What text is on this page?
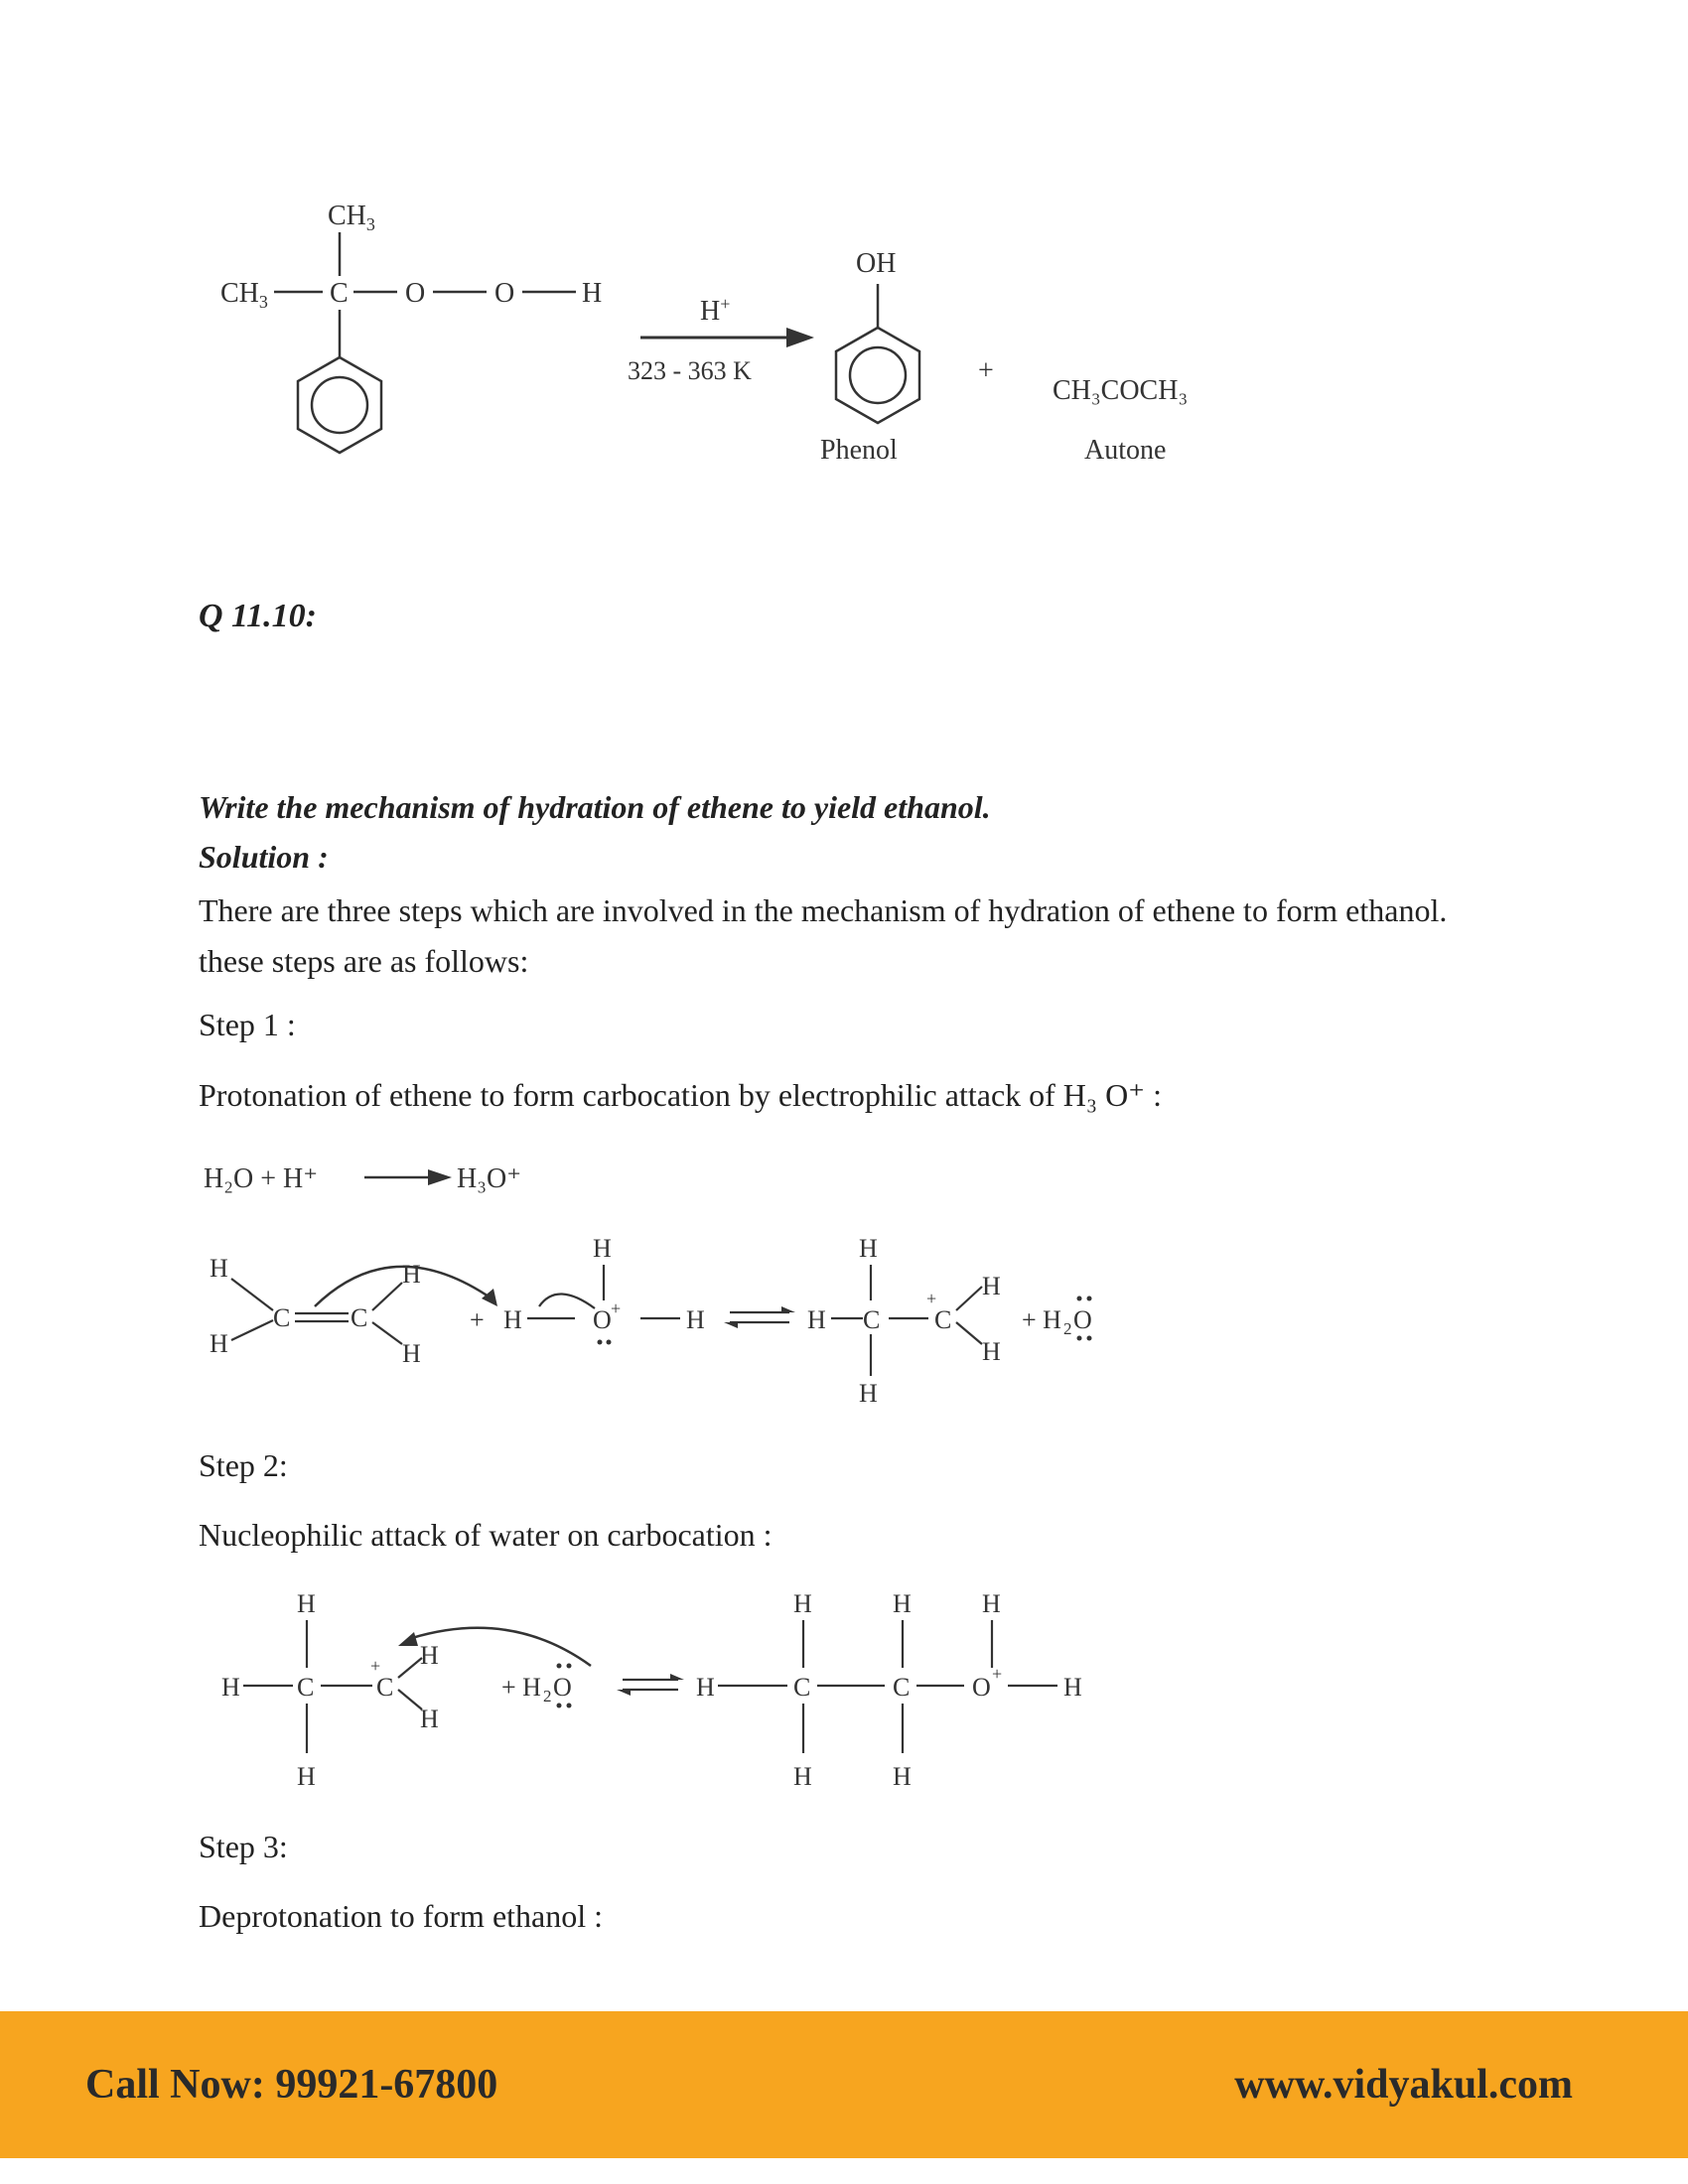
$CH_3$
$CH_3$ C O O H
H+
323 - 363 K
OH
Phenol
+
CH₃COCH₃
Autone
Q 11.10:
Write the mechanism of hydration of ethene to yield ethanol.
Solution :
There are three steps which are involved in the mechanism of hydration of ethene to form ethanol. these steps are as follows:
Step 1 :
Protonation of ethene to form carbocation by electrophilic attack of H₃ O⁺ :
H₂O + H⁺	H₃O⁺
H
H
C C
H
H
+ H
H
O +	H	H
H
C
H
C
+ H
H
+ H 2 O
Step 2:
Nucleophilic attack of water on carbocation :
H
H
C
H
C
+ H
H
+ H 2 O	H
H
C
H
H
C
H
H
O + H
Step 3:
Deprotonation to form ethanol :
Call Now: 99921-67800	www.vidyakul.com
